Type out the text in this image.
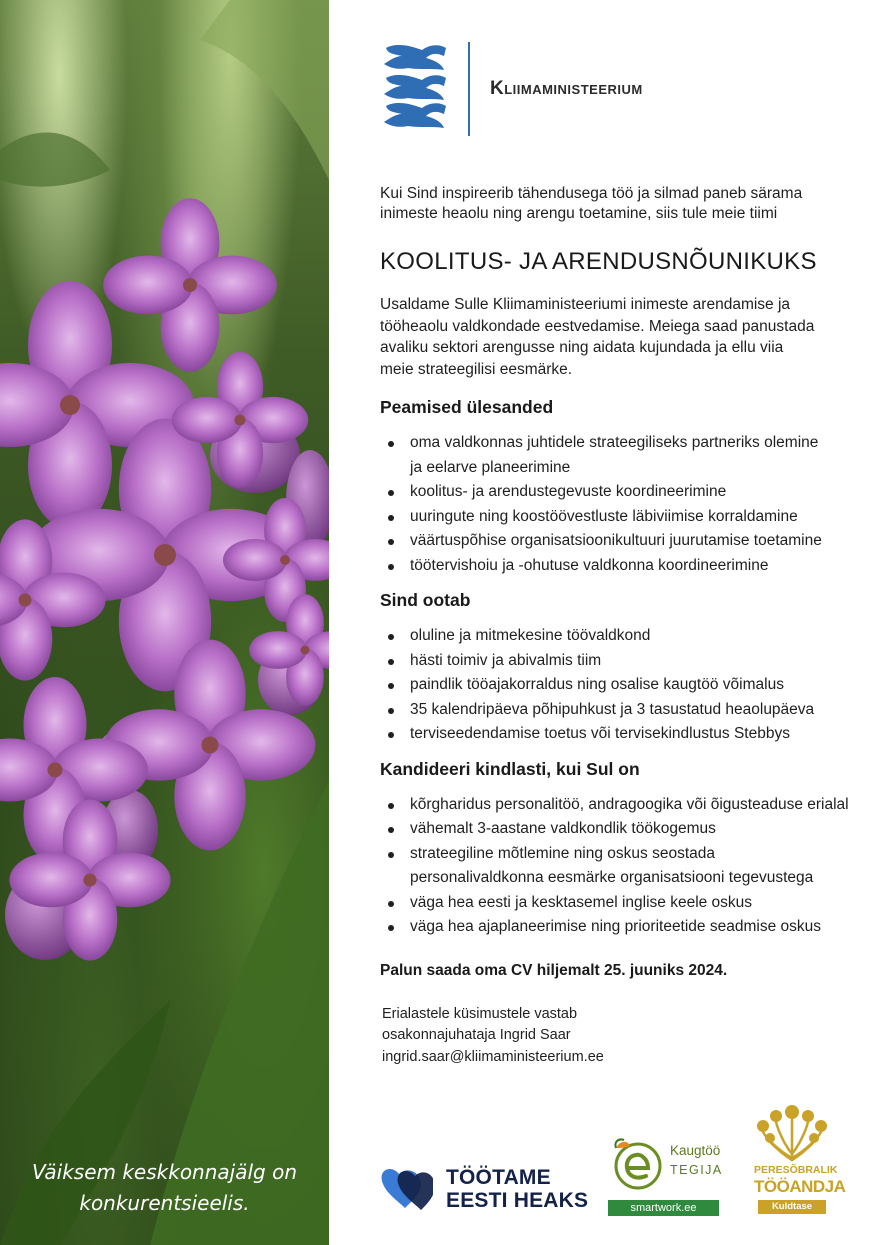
Väiksem keskkonnajälg on
konkurentsieelis.
Kliimaministeerium
Kui Sind inspireerib tähendusega töö ja silmad paneb särama
inimeste heaolu ning arengu toetamine, siis tule meie tiimi
KOOLITUS- JA ARENDUSNÕUNIKUKS
Usaldame Sulle Kliimaministeeriumi inimeste arendamise ja
tööheaolu valdkondade eestvedamise. Meiega saad panustada
avaliku sektori arengusse ning aidata kujundada ja ellu viia
meie strateegilisi eesmärke.
Peamised ülesanded
oma valdkonnas juhtidele strateegiliseks partneriks olemine
ja eelarve planeerimine
koolitus- ja arendustegevuste koordineerimine
uuringute ning koostöövestluste läbiviimise korraldamine
väärtuspõhise organisatsioonikultuuri juurutamise toetamine
töötervishoiu ja -ohutuse valdkonna koordineerimine
Sind ootab
oluline ja mitmekesine töövaldkond
hästi toimiv ja abivalmis tiim
paindlik tööajakorraldus ning osalise kaugtöö võimalus
35 kalendripäeva põhipuhkust ja 3 tasustatud heaolupäeva
terviseedendamise toetus või tervisekindlustus Stebbys
Kandideeri kindlasti, kui Sul on
kõrgharidus personalitöö, andragoogika või õigusteaduse erialal
vähemalt 3-aastane valdkondlik töökogemus
strateegiline mõtlemine ning oskus seostada
personalivaldkonna eesmärke organisatsiooni tegevustega
väga hea eesti ja kesktasemel inglise keele oskus
väga hea ajaplaneerimise ning prioriteetide seadmise oskus

Palun saada oma CV hiljemalt 25. juuniks 2024.

Erialastele küsimustele vastab
osakonnajuhataja Ingrid Saar
ingrid.saar@kliimaministeerium.ee
TÖÖTAME
EESTI HEAKS
Kaugtöö
TEGIJA
smartwork.ee
PERESÕBRALIK
TÖÖANDJA
Kuldtase
